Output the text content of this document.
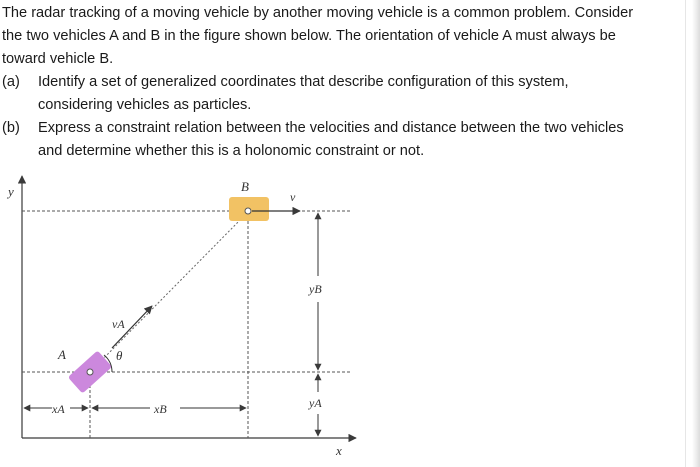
The radar tracking of a moving vehicle by another moving vehicle is a common problem. Consider

the two vehicles A and B in the figure shown below. The orientation of vehicle A must always be

toward vehicle B.

(a) Identify a set of generalized coordinates that describe configuration of this system,

considering vehicles as particles.

(b) Express a constraint relation between the velocities and distance between the two vehicles

and determine whether this is a holonomic constraint or not.

y
x
B
v
A
vA
θ
xA	xB
yB
yA
